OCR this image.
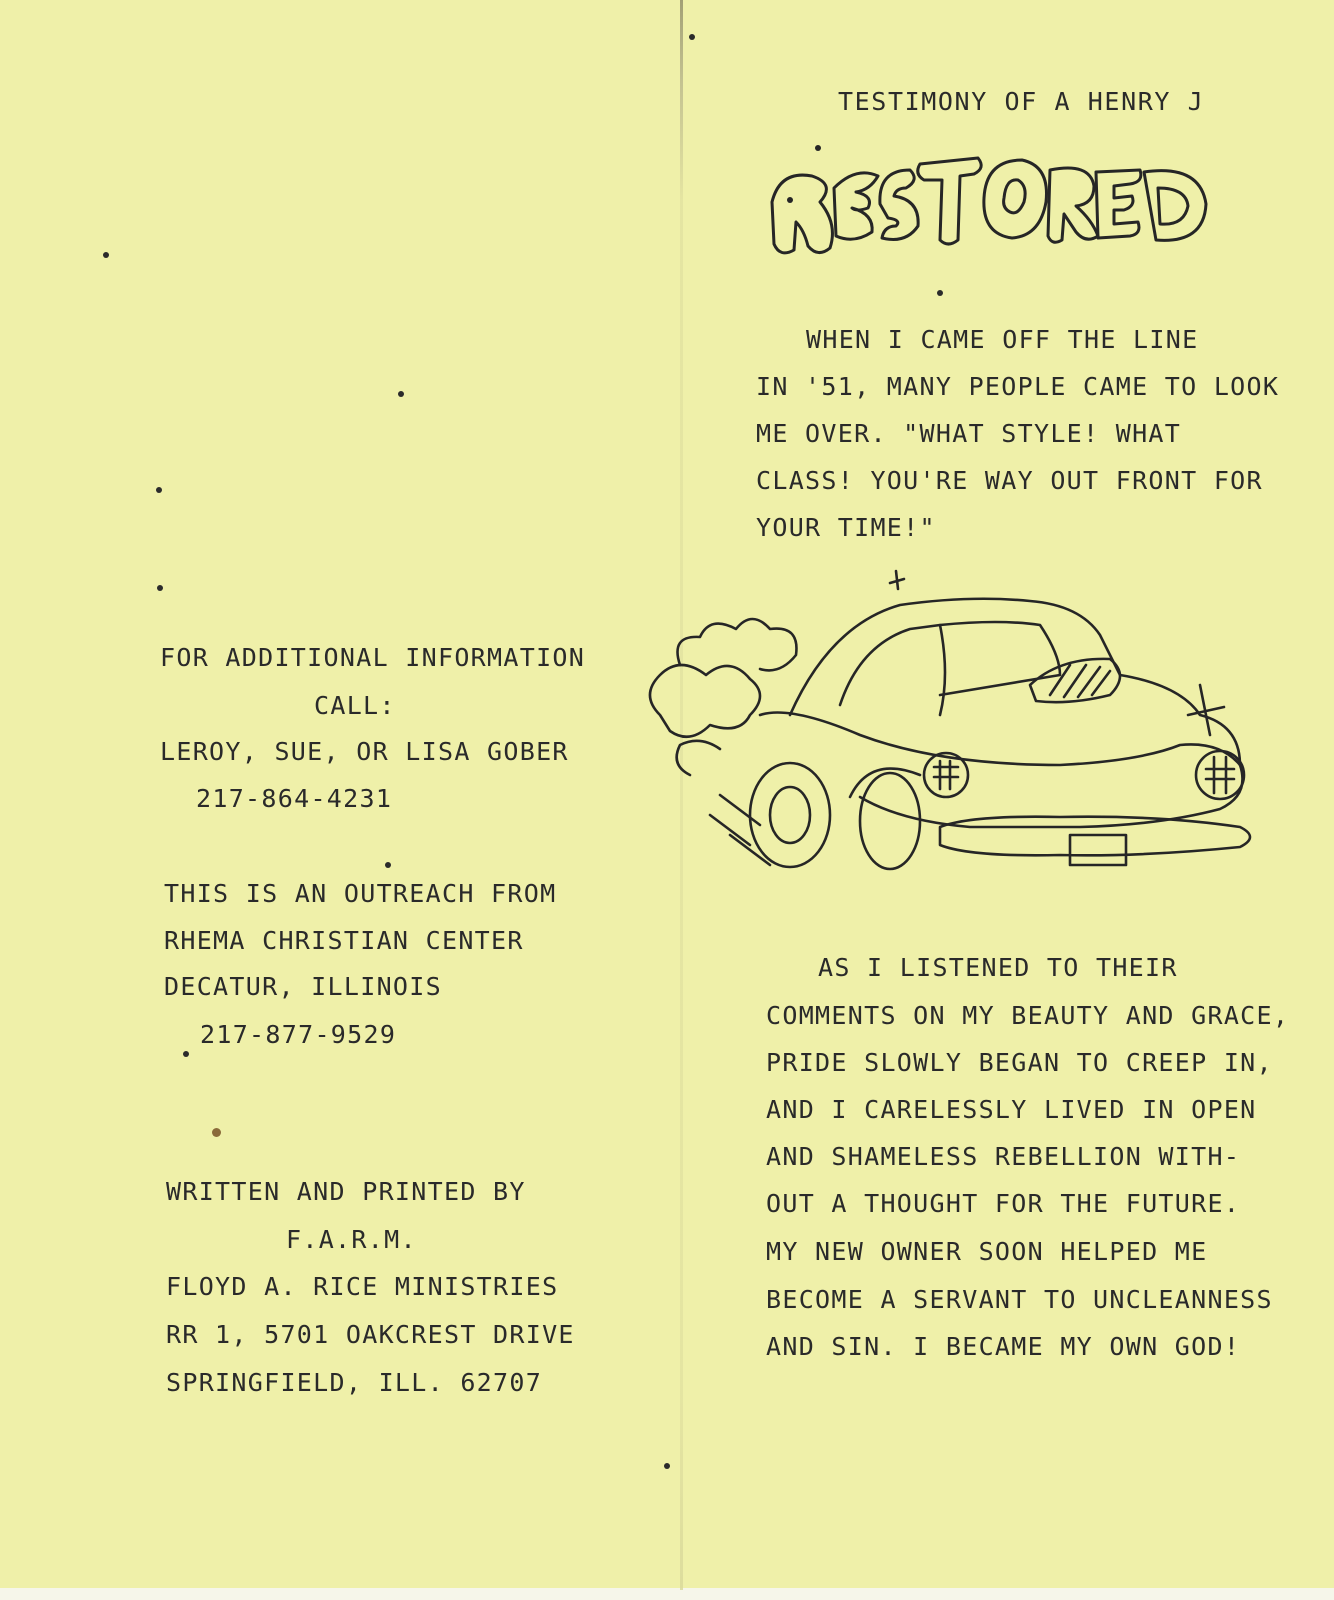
FOR ADDITIONAL INFORMATION
CALL:
LEROY, SUE, OR LISA GOBER
217-864-4231
THIS IS AN OUTREACH FROM
RHEMA CHRISTIAN CENTER
DECATUR, ILLINOIS
217-877-9529
WRITTEN AND PRINTED BY
F.A.R.M.
FLOYD A. RICE MINISTRIES
RR 1, 5701 OAKCREST DRIVE
SPRINGFIELD, ILL. 62707
TESTIMONY OF A HENRY J
WHEN I CAME OFF THE LINE
IN '51, MANY PEOPLE CAME TO LOOK
ME OVER. "WHAT STYLE! WHAT
CLASS! YOU'RE WAY OUT FRONT FOR
YOUR TIME!"
AS I LISTENED TO THEIR
COMMENTS ON MY BEAUTY AND GRACE,
PRIDE SLOWLY BEGAN TO CREEP IN,
AND I CARELESSLY LIVED IN OPEN
AND SHAMELESS REBELLION WITH-
OUT A THOUGHT FOR THE FUTURE.
MY NEW OWNER SOON HELPED ME
BECOME A SERVANT TO UNCLEANNESS
AND SIN. I BECAME MY OWN GOD!
